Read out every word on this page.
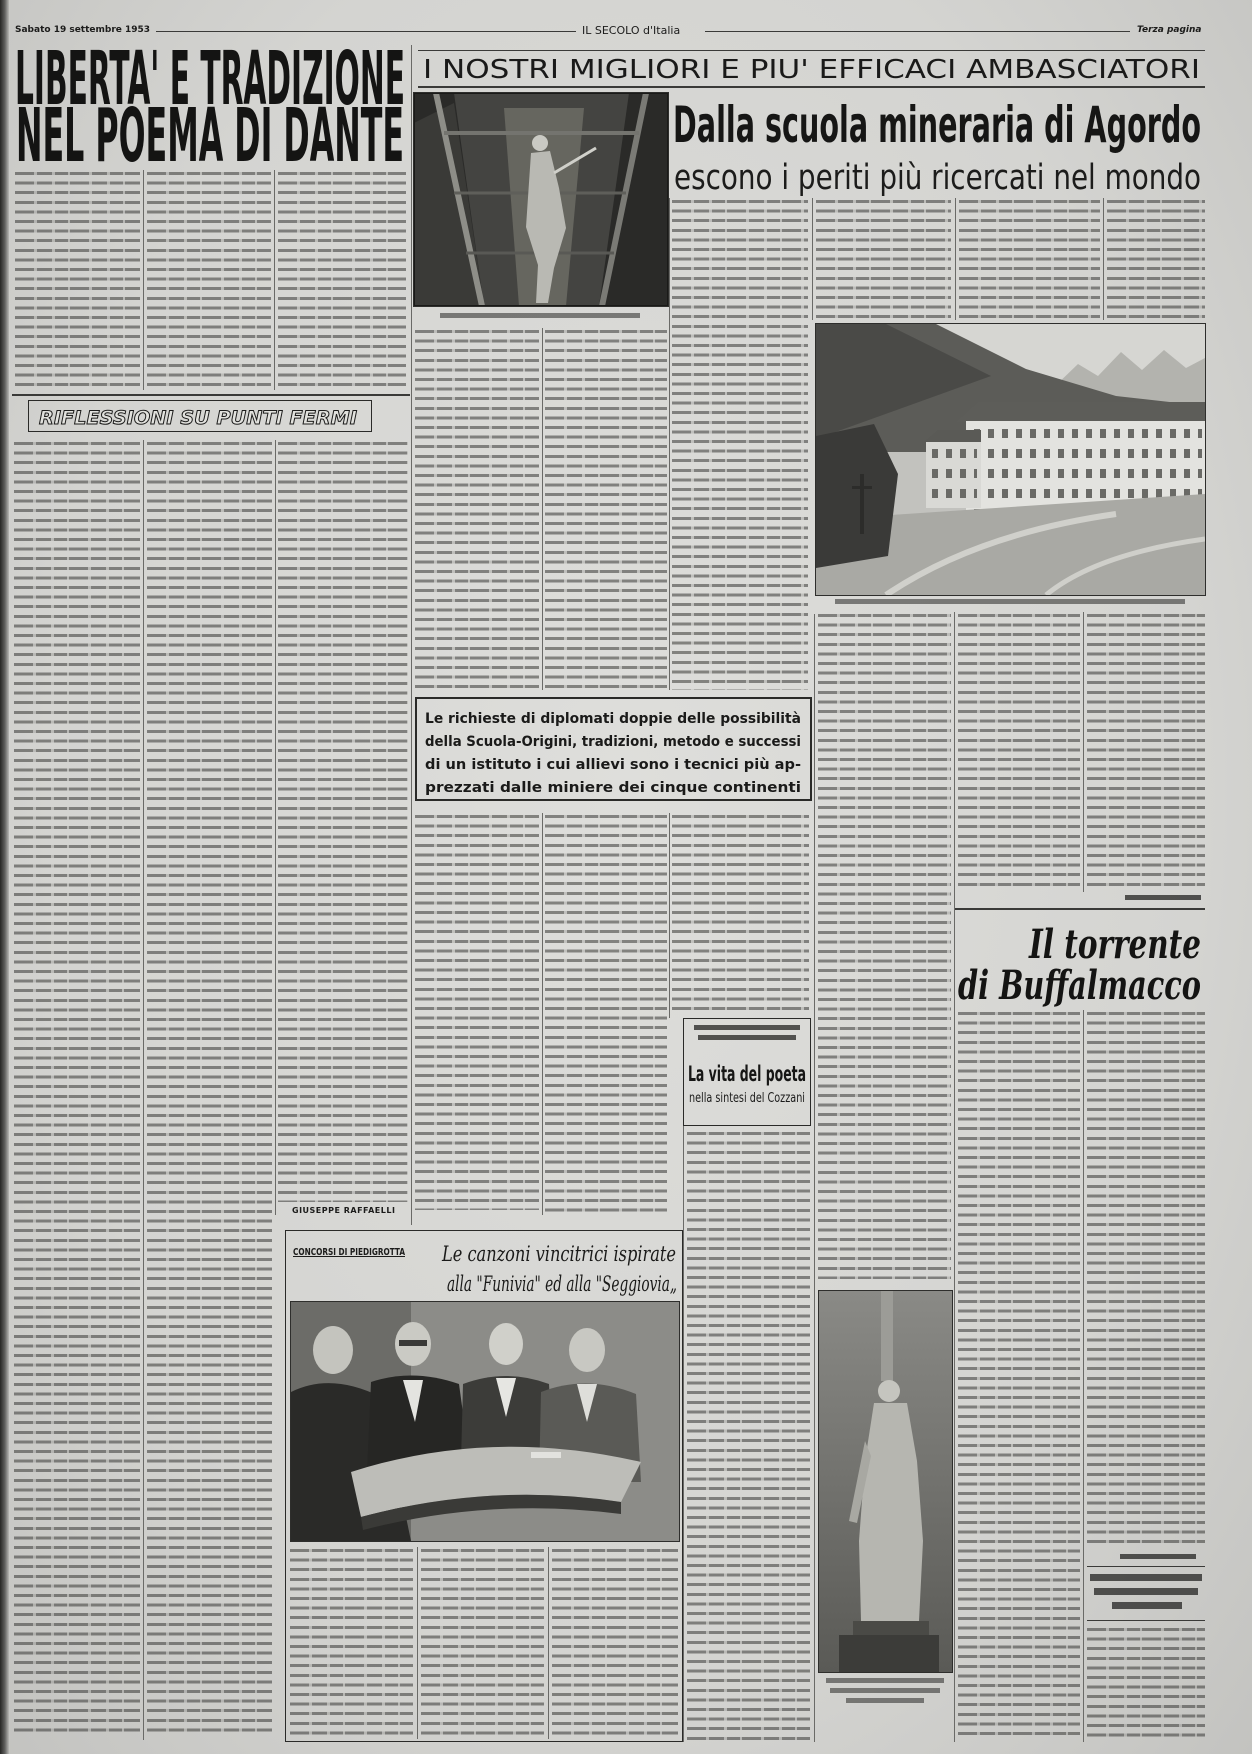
Sabato 19 settembre 1953	IL SECOLO d'Italia	Terza pagina
LIBERTA' E TRADIZIONE
NEL POEMA DI DANTE
RIFLESSIONI SU PUNTI FERMI
GIUSEPPE RAFFAELLI
I NOSTRI MIGLIORI E PIU' EFFICACI AMBASCIATORI
Dalla scuola mineraria di Agordo
escono i periti più ricercati nel mondo
Le richieste di diplomati doppie delle possibilità
della Scuola-Origini, tradizioni, metodo e successi
di un istituto i cui allievi sono i tecnici più ap-
prezzati dalle miniere dei cinque continenti
La vita del poeta
nella sintesi del Cozzani
Il torrente
di Buffalmacco
CONCORSI DI PIEDIGROTTA Le canzoni vincitrici ispirate
alla "Funivia" ed alla "Seggiovia„
